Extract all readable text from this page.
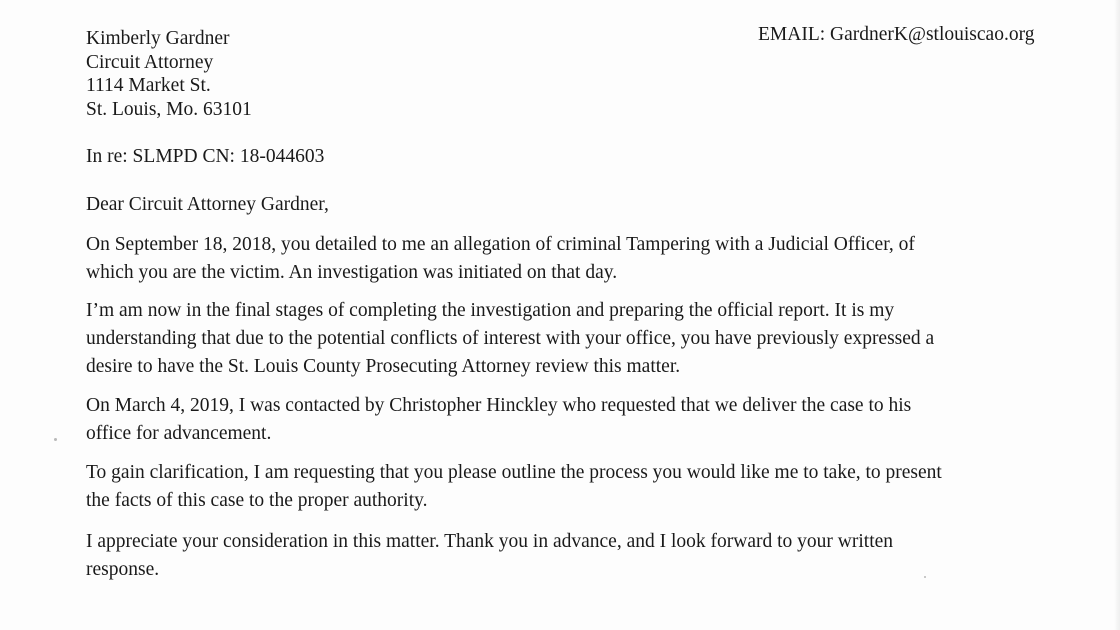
Kimberly Gardner
Circuit Attorney
1114 Market St.
St. Louis, Mo. 63101
EMAIL: GardnerK@stlouiscao.org
In re: SLMPD CN: 18-044603
Dear Circuit Attorney Gardner,
On September 18, 2018, you detailed to me an allegation of criminal Tampering with a Judicial Officer, of
which you are the victim. An investigation was initiated on that day.
I’m am now in the final stages of completing the investigation and preparing the official report. It is my
understanding that due to the potential conflicts of interest with your office, you have previously expressed a
desire to have the St. Louis County Prosecuting Attorney review this matter.
On March 4, 2019, I was contacted by Christopher Hinckley who requested that we deliver the case to his
office for advancement.
To gain clarification, I am requesting that you please outline the process you would like me to take, to present
the facts of this case to the proper authority.
I appreciate your consideration in this matter. Thank you in advance, and I look forward to your written
response.
